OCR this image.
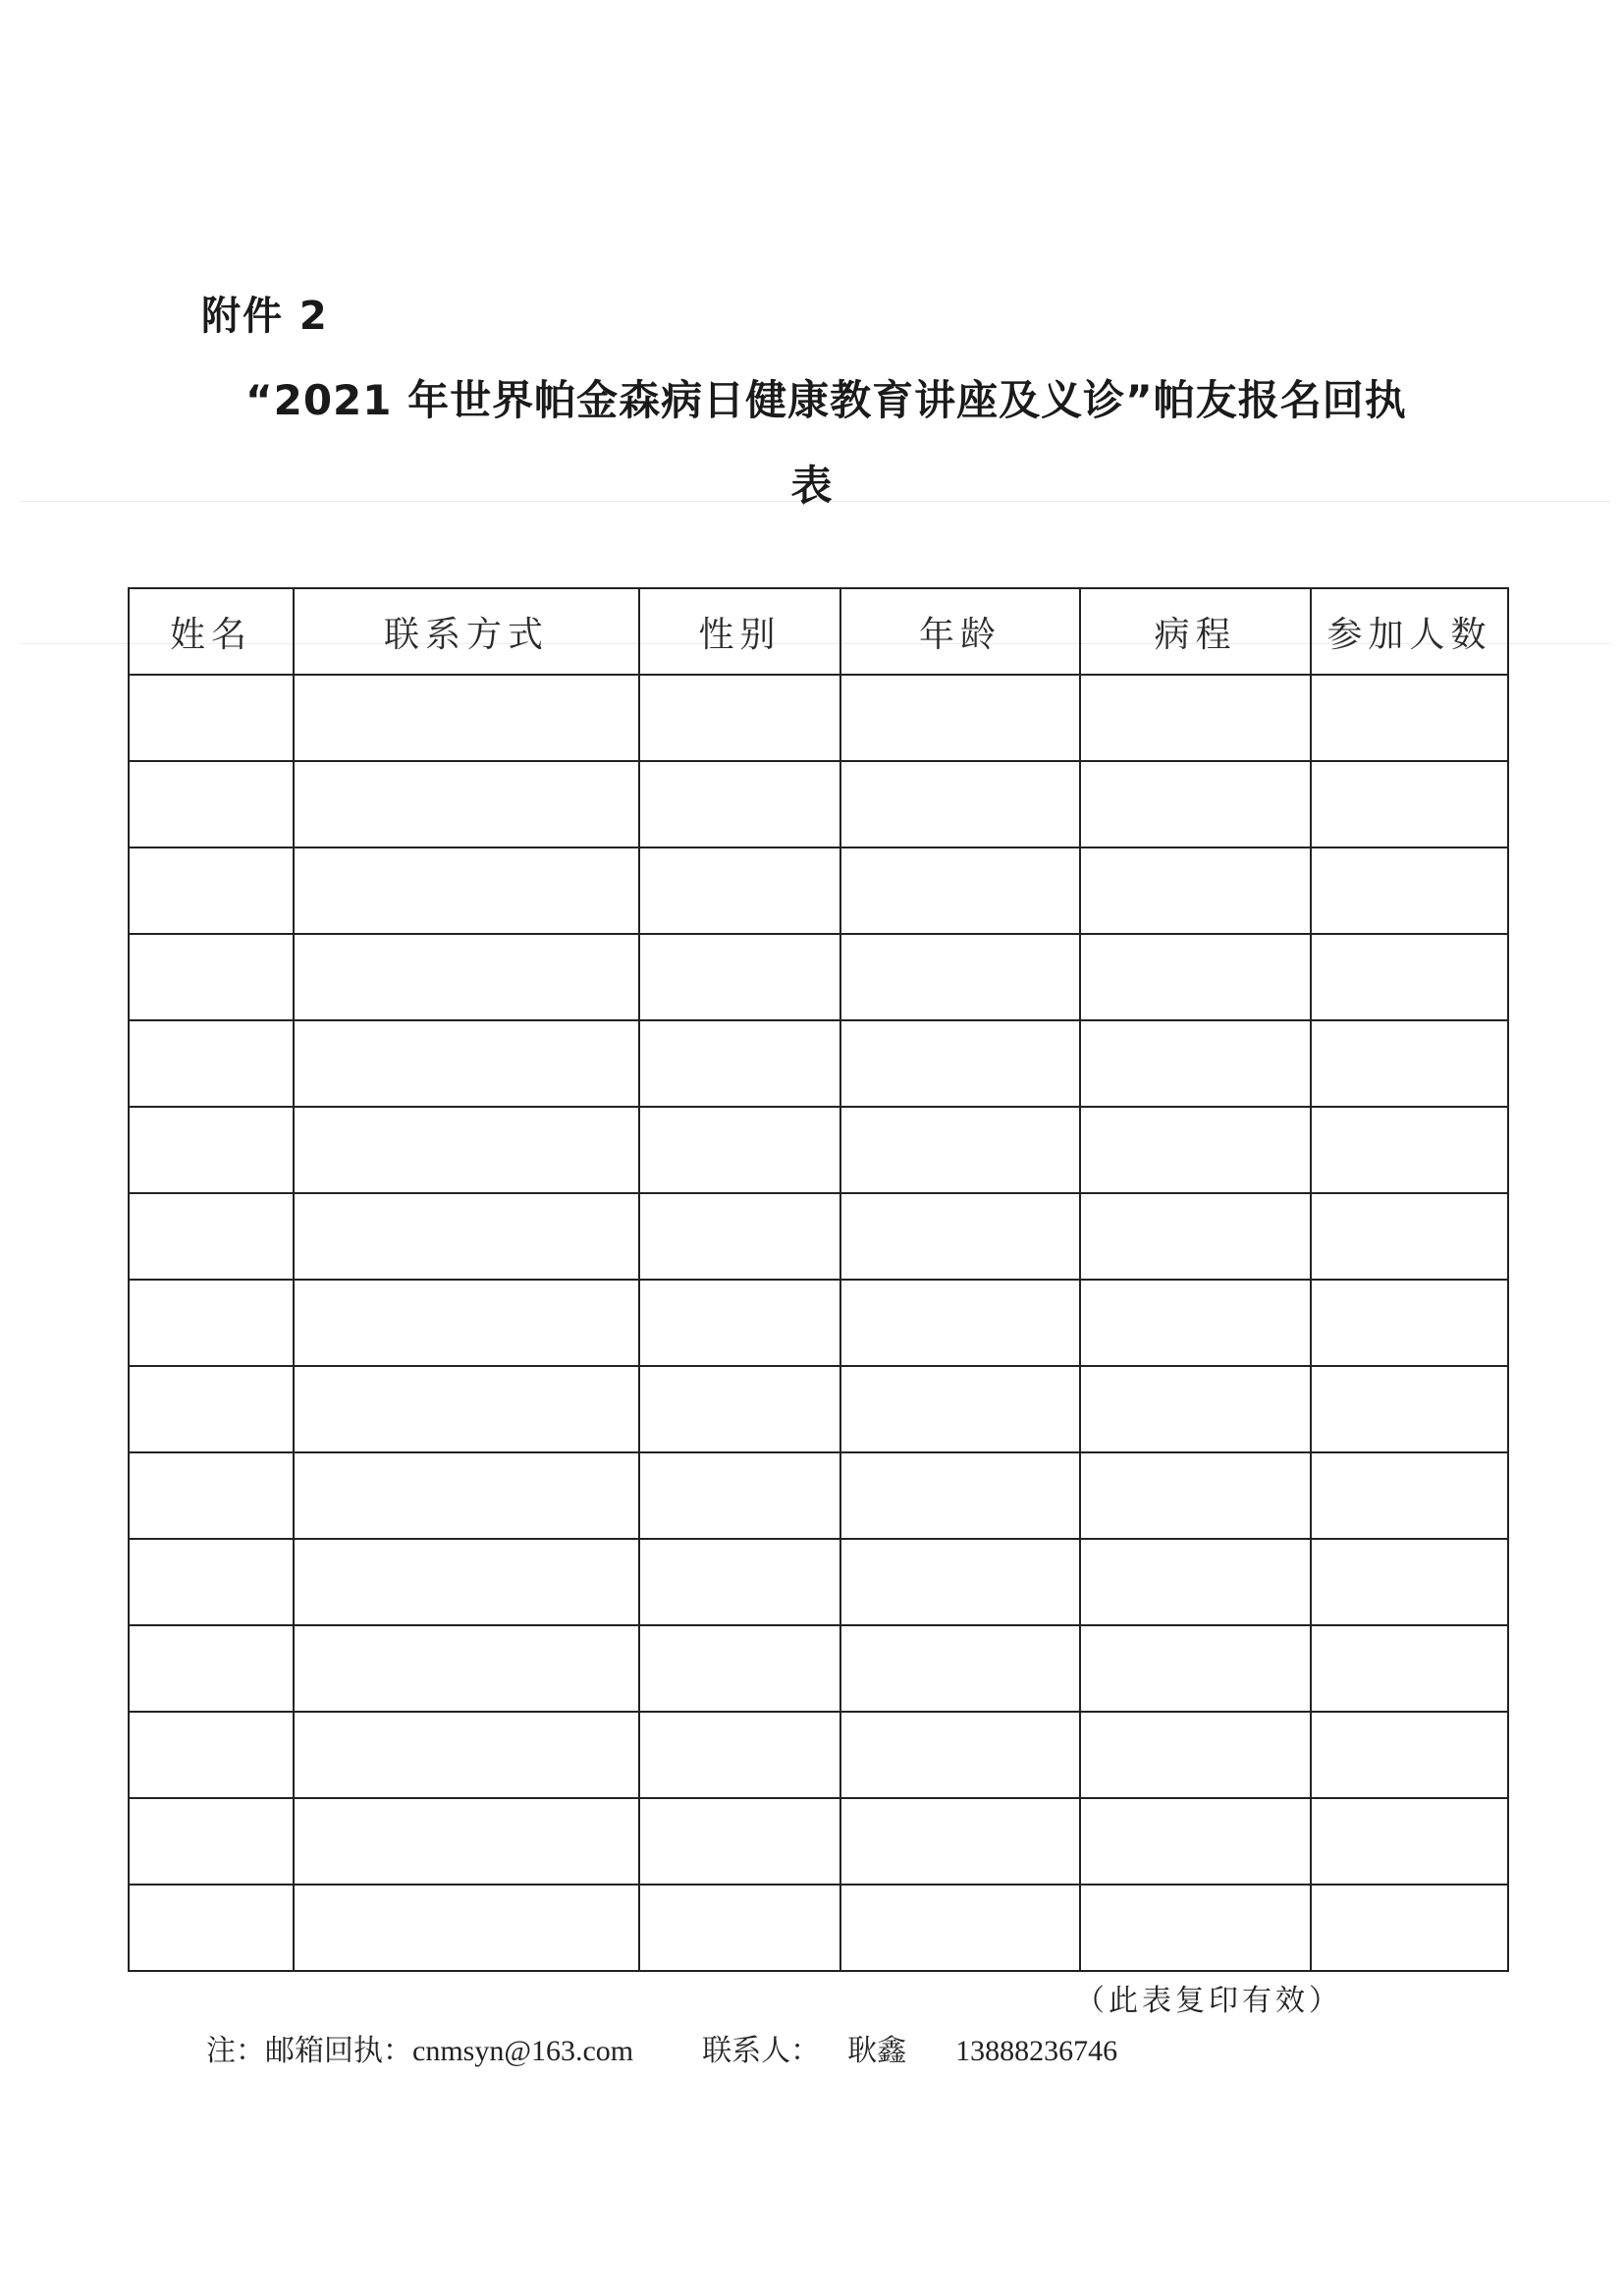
附件 2
“2021 年世界帕金森病日健康教育讲座及义诊”帕友报名回执
表
姓名	联系方式	性别	年龄	病程	参加人数

（此表复印有效）
注：邮箱回执：cnmsyn@163.com 联系人： 耿鑫 13888236746
